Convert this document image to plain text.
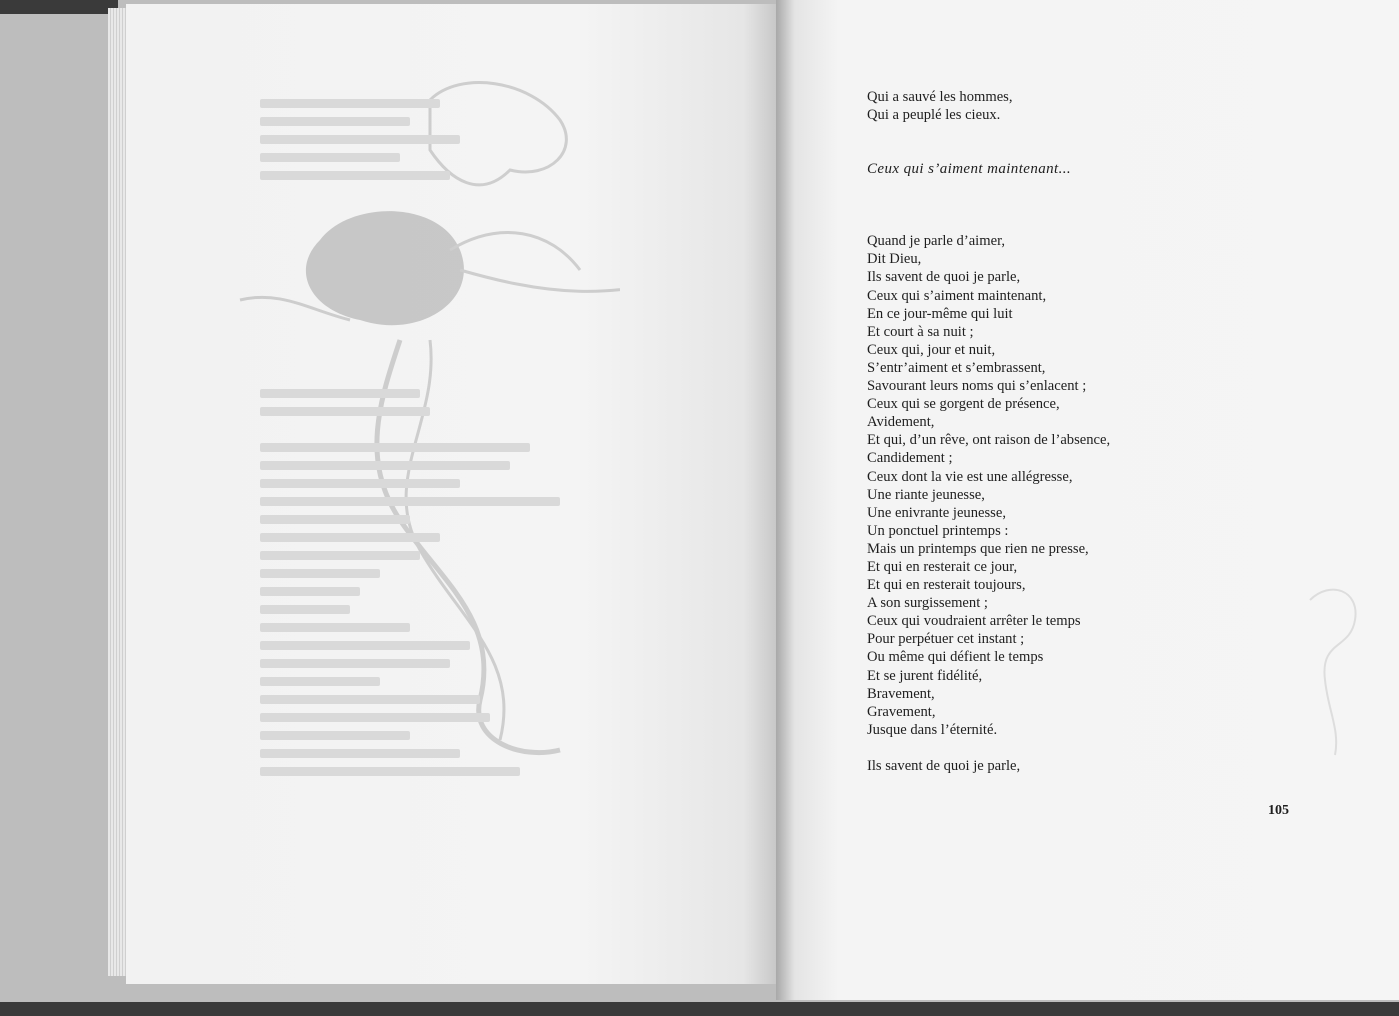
Qui a sauvé les hommes,
Qui a peuplé les cieux.
Ceux qui s’aiment maintenant...
Quand je parle d’aimer,
Dit Dieu,
Ils savent de quoi je parle,
Ceux qui s’aiment maintenant,
En ce jour-même qui luit
Et court à sa nuit ;
Ceux qui, jour et nuit,
S’entr’aiment et s’embrassent,
Savourant leurs noms qui s’enlacent ;
Ceux qui se gorgent de présence,
Avidement,
Et qui, d’un rêve, ont raison de l’absence,
Candidement ;
Ceux dont la vie est une allégresse,
Une riante jeunesse,
Une enivrante jeunesse,
Un ponctuel printemps :
Mais un printemps que rien ne presse,
Et qui en resterait ce jour,
Et qui en resterait toujours,
A son surgissement ;
Ceux qui voudraient arrêter le temps
Pour perpétuer cet instant ;
Ou même qui défient le temps
Et se jurent fidélité,
Bravement,
Gravement,
Jusque dans l’éternité.
Ils savent de quoi je parle,
105
